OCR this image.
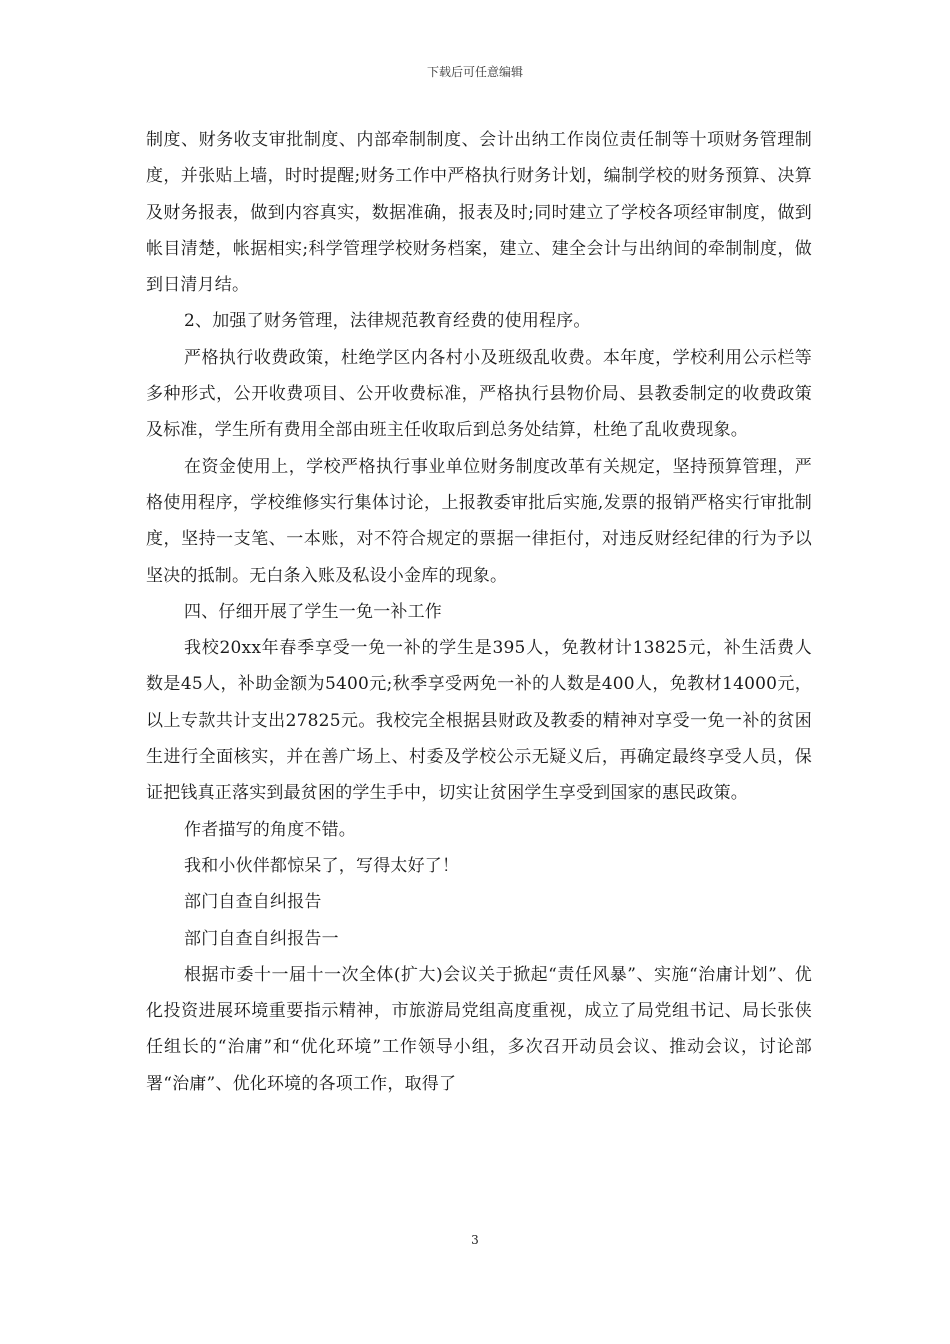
下载后可任意编辑

制度、财务收支审批制度、内部牵制制度、会计出纳工作岗位责任制等十项财务管理制度，并张贴上墙，时时提醒;财务工作中严格执行财务计划，编制学校的财务预算、决算及财务报表，做到内容真实，数据准确，报表及时;同时建立了学校各项经审制度，做到帐目清楚，帐据相实;科学管理学校财务档案，建立、建全会计与出纳间的牵制制度，做到日清月结。

2、加强了财务管理，法律规范教育经费的使用程序。

严格执行收费政策，杜绝学区内各村小及班级乱收费。本年度，学校利用公示栏等多种形式，公开收费项目、公开收费标准，严格执行县物价局、县教委制定的收费政策及标准，学生所有费用全部由班主任收取后到总务处结算，杜绝了乱收费现象。

在资金使用上，学校严格执行事业单位财务制度改革有关规定，坚持预算管理，严格使用程序，学校维修实行集体讨论，上报教委审批后实施,发票的报销严格实行审批制度，坚持一支笔、一本账，对不符合规定的票据一律拒付，对违反财经纪律的行为予以坚决的抵制。无白条入账及私设小金库的现象。

四、仔细开展了学生一免一补工作

我校20xx年春季享受一免一补的学生是395人，免教材计13825元，补生活费人数是45人，补助金额为5400元;秋季享受两免一补的人数是400人，免教材14000元，以上专款共计支出27825元。我校完全根据县财政及教委的精神对享受一免一补的贫困生进行全面核实，并在善广场上、村委及学校公示无疑义后，再确定最终享受人员，保证把钱真正落实到最贫困的学生手中，切实让贫困学生享受到国家的惠民政策。

作者描写的角度不错。

我和小伙伴都惊呆了，写得太好了！

部门自查自纠报告

部门自查自纠报告一

根据市委十一届十一次全体(扩大)会议关于掀起“责任风暴”、实施“治庸计划”、优化投资进展环境重要指示精神，市旅游局党组高度重视，成立了局党组书记、局长张侠任组长的“治庸”和“优化环境”工作领导小组，多次召开动员会议、推动会议，讨论部署“治庸”、优化环境的各项工作，取得了

3
